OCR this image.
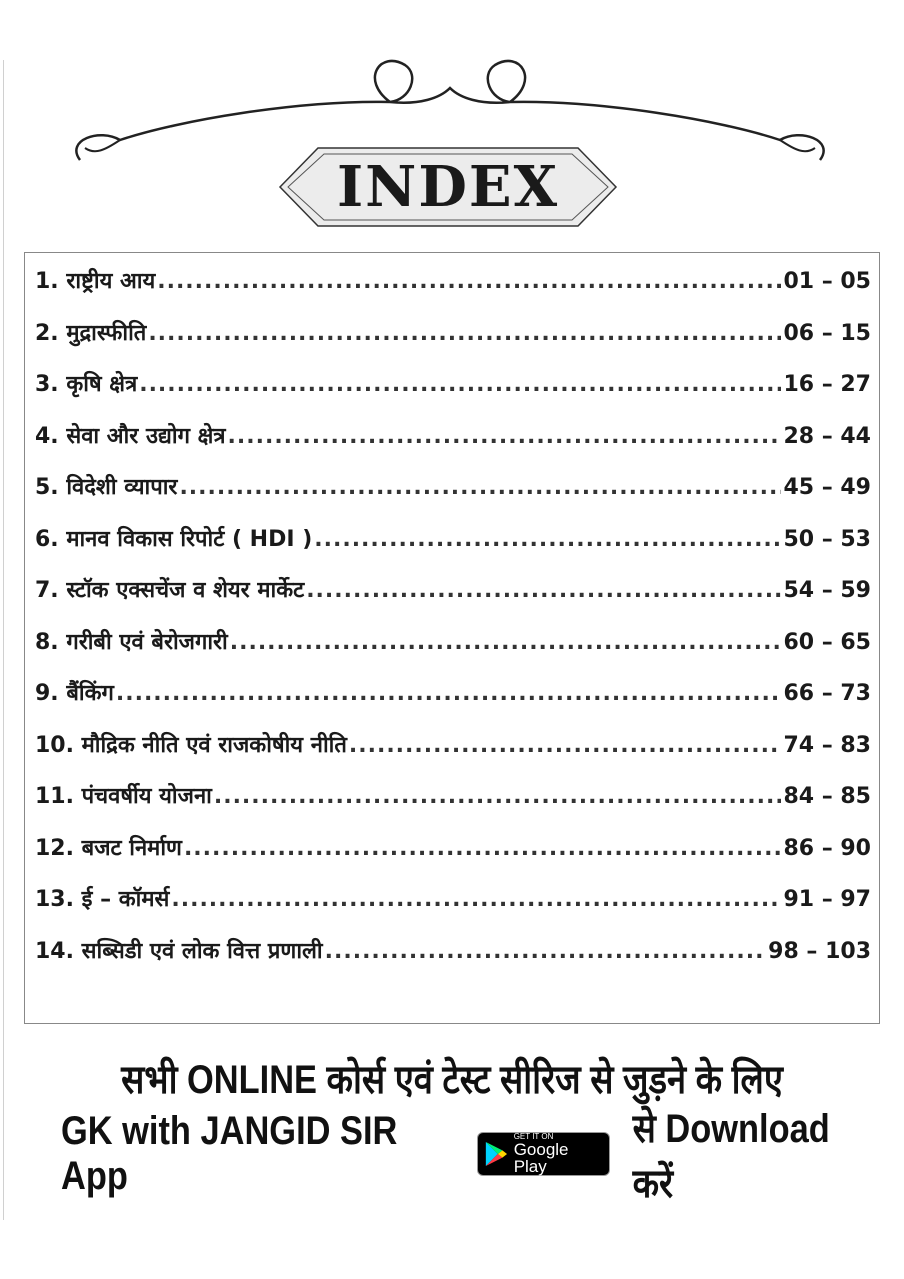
INDEX
1. राष्ट्रीय आय .....	01 – 05
2. मुद्रास्फीति .....	06 – 15
3. कृषि क्षेत्र .....	16 – 27
4. सेवा और उद्योग क्षेत्र .....	28 – 44
5. विदेशी व्यापार .....	45 – 49
6. मानव विकास रिपोर्ट ( HDI ) .....	50 – 53
7. स्टॉक एक्सचेंज व शेयर मार्केट .....	54 – 59
8. गरीबी एवं बेरोजगारी .....	60 – 65
9. बैंकिंग .....	66 – 73
10. मौद्रिक नीति एवं राजकोषीय नीति .....	74 – 83
11. पंचवर्षीय योजना .....	84 – 85
12. बजट निर्माण .....	86 – 90
13. ई – कॉमर्स .....	91 – 97
14. सब्सिडी एवं लोक वित्त प्रणाली .....	98 – 103
सभी ONLINE कोर्स एवं टेस्ट सीरिज से जुड़ने के लिए
GK with JANGID SIR App
GET IT ON
Google Play
से Download करें
